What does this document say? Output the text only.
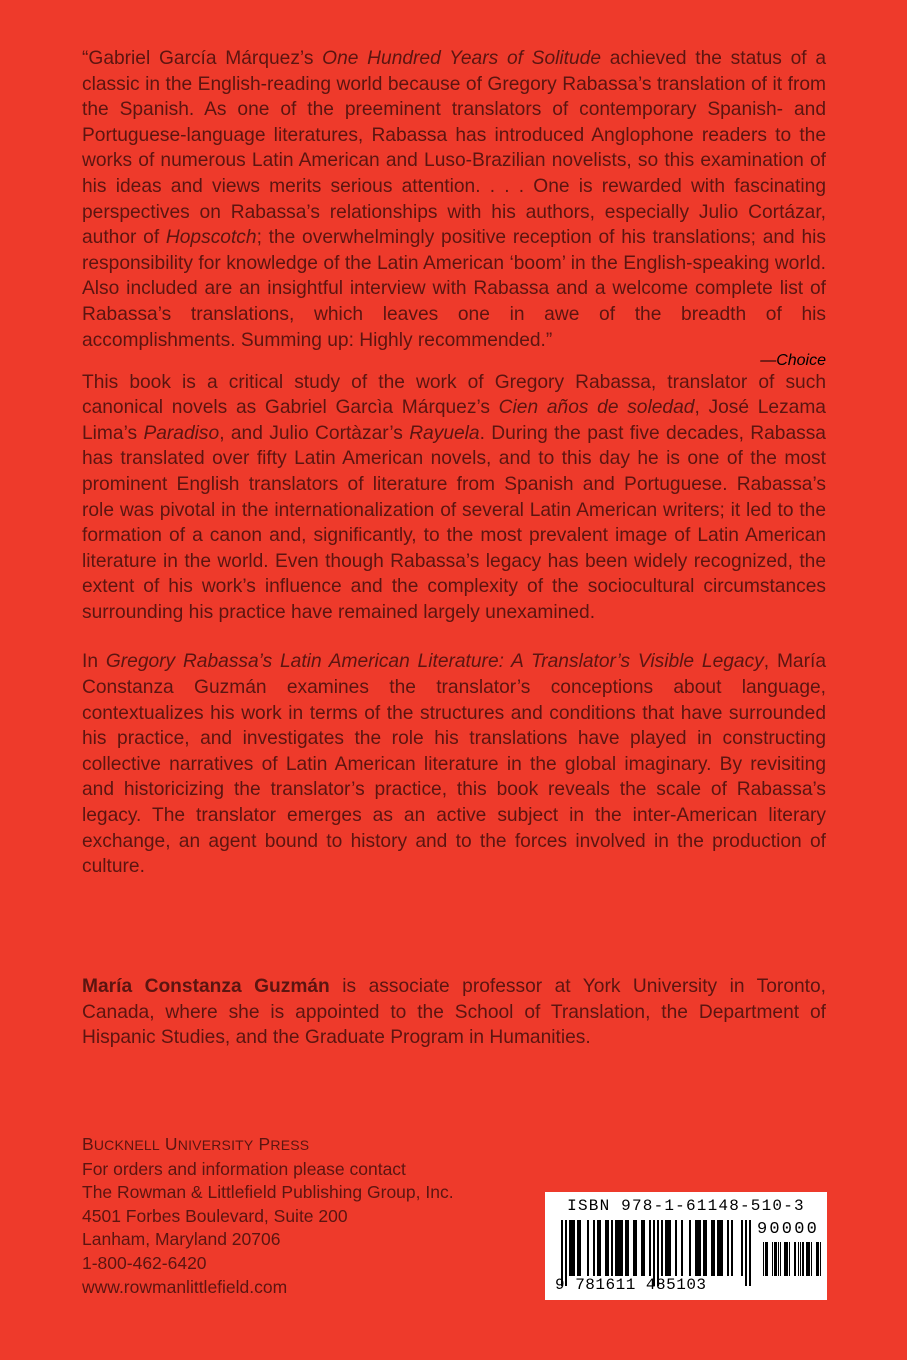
“Gabriel García Márquez’s One Hundred Years of Solitude achieved the status of a classic in the English-reading world because of Gregory Rabassa’s translation of it from the Spanish. As one of the preeminent translators of contemporary Spanish- and Portuguese-language literatures, Rabassa has introduced Anglophone readers to the works of numerous Latin American and Luso-Brazilian novelists, so this examination of his ideas and views merits serious attention. . . . One is rewarded with fascinating perspectives on Rabassa’s relationships with his authors, especially Julio Cortázar, author of Hopscotch; the overwhelmingly positive reception of his translations; and his responsibility for knowledge of the Latin American ‘boom’ in the English-speaking world. Also included are an insightful interview with Rabassa and a welcome complete list of Rabassa’s translations, which leaves one in awe of the breadth of his accomplishments. Summing up: Highly recommended.”

—Choice

This book is a critical study of the work of Gregory Rabassa, translator of such canonical novels as Gabriel Garcìa Márquez’s Cien años de soledad, José Lezama Lima’s Paradiso, and Julio Cortàzar’s Rayuela. During the past five decades, Rabassa has translated over fifty Latin American novels, and to this day he is one of the most prominent English translators of literature from Spanish and Portuguese. Rabassa’s role was pivotal in the internationalization of several Latin American writers; it led to the formation of a canon and, significantly, to the most prevalent image of Latin American literature in the world. Even though Rabassa’s legacy has been widely recognized, the extent of his work’s influence and the complexity of the sociocultural circumstances surrounding his practice have remained largely unexamined.

In Gregory Rabassa’s Latin American Literature: A Translator’s Visible Legacy, María Constanza Guzmán examines the translator’s conceptions about language, contextualizes his work in terms of the structures and conditions that have surrounded his practice, and investigates the role his translations have played in constructing collective narratives of Latin American literature in the global imaginary. By revisiting and historicizing the translator’s practice, this book reveals the scale of Rabassa’s legacy. The translator emerges as an active subject in the inter-American literary exchange, an agent bound to history and to the forces involved in the production of culture.

María Constanza Guzmán is associate professor at York University in Toronto, Canada, where she is appointed to the School of Translation, the Department of Hispanic Studies, and the Graduate Program in Humanities.
BUCKNELL UNIVERSITY PRESS
For orders and information please contact
The Rowman & Littlefield Publishing Group, Inc.
4501 Forbes Boulevard, Suite 200
Lanham, Maryland 20706
1-800-462-6420
www.rowmanlittlefield.com
ISBN 978-1-61148-510-3
90000
9 781611 485103
